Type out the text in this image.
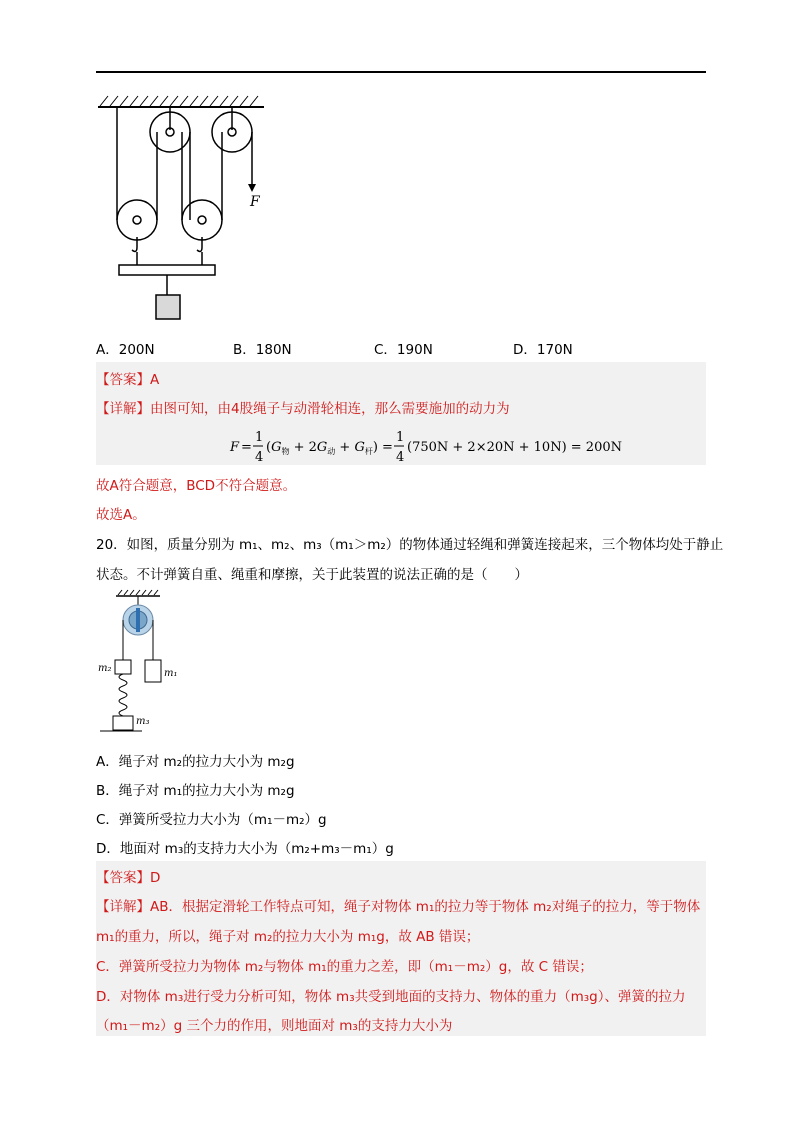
F
A．200N	B．180N	C．190N	D．170N
【答案】A
【详解】由图可知，由4股绳子与动滑轮相连，那么需要施加的动力为
F =
1
4
$(G_物 + 2G_动 + G_杆)$ =
1
4
(750N + 2×20N + 10N) = 200N
故A符合题意，BCD不符合题意。
故选A。
20．如图，质量分别为 m₁、m₂、m₃（m₁＞m₂）的物体通过轻绳和弹簧连接起来，三个物体均处于静止
状态。不计弹簧自重、绳重和摩擦，关于此装置的说法正确的是（　　）
m₂	m₁
m₃
A．绳子对 m₂的拉力大小为 m₂g
B．绳子对 m₁的拉力大小为 m₂g
C．弹簧所受拉力大小为（m₁－m₂）g
D．地面对 m₃的支持力大小为（m₂+m₃－m₁）g
【答案】D
【详解】AB．根据定滑轮工作特点可知，绳子对物体 m₁的拉力等于物体 m₂对绳子的拉力，等于物体
m₁的重力，所以，绳子对 m₂的拉力大小为 m₁g，故 AB 错误；
C．弹簧所受拉力为物体 m₂与物体 m₁的重力之差，即（m₁－m₂）g，故 C 错误；
D．对物体 m₃进行受力分析可知，物体 m₃共受到地面的支持力、物体的重力（m₃g）、弹簧的拉力
（m₁－m₂）g 三个力的作用，则地面对 m₃的支持力大小为
